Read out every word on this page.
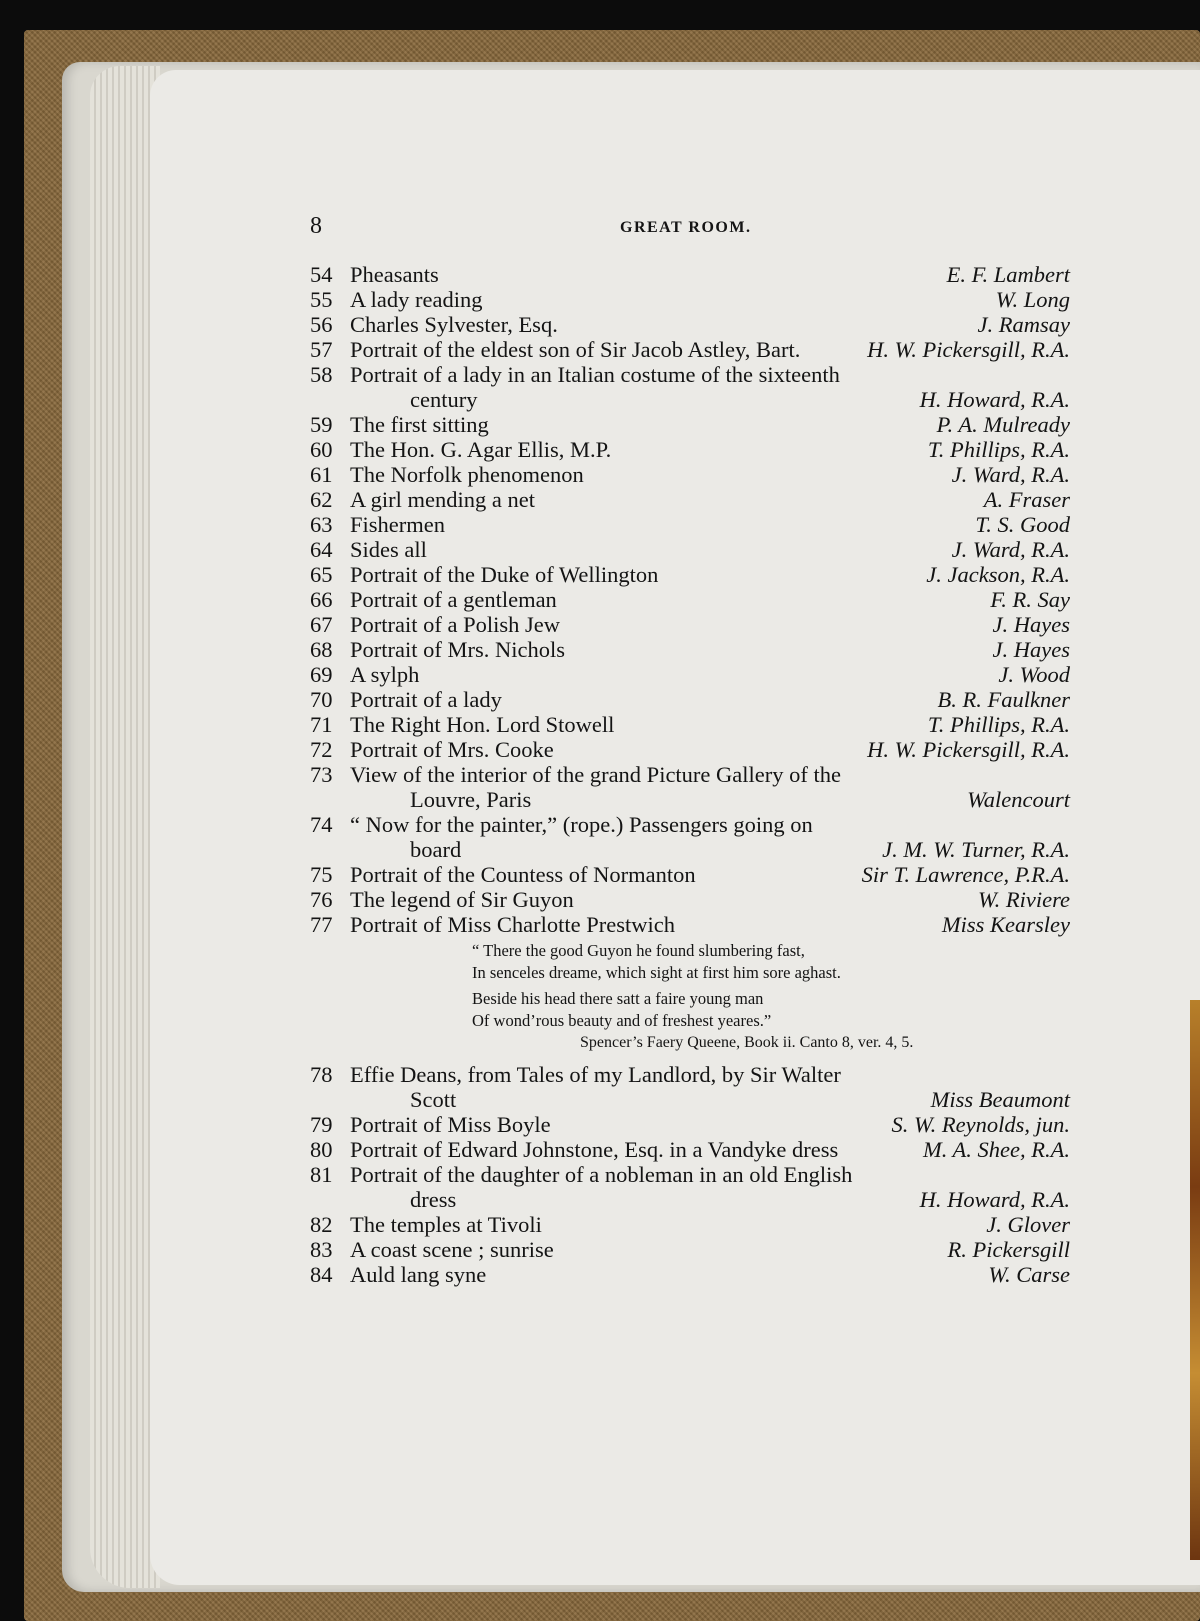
8	GREAT ROOM.
54 Pheasants	E. F. Lambert
55 A lady reading	W. Long
56 Charles Sylvester, Esq.	J. Ramsay
57 Portrait of the eldest son of Sir Jacob Astley, Bart.	H. W. Pickersgill, R.A.
58 Portrait of a lady in an Italian costume of the sixteenth
century	H. Howard, R.A.
59 The first sitting	P. A. Mulready
60 The Hon. G. Agar Ellis, M.P.	T. Phillips, R.A.
61 The Norfolk phenomenon	J. Ward, R.A.
62 A girl mending a net	A. Fraser
63 Fishermen	T. S. Good
64 Sides all	J. Ward, R.A.
65 Portrait of the Duke of Wellington	J. Jackson, R.A.
66 Portrait of a gentleman	F. R. Say
67 Portrait of a Polish Jew	J. Hayes
68 Portrait of Mrs. Nichols	J. Hayes
69 A sylph	J. Wood
70 Portrait of a lady	B. R. Faulkner
71 The Right Hon. Lord Stowell	T. Phillips, R.A.
72 Portrait of Mrs. Cooke	H. W. Pickersgill, R.A.
73 View of the interior of the grand Picture Gallery of the
Louvre, Paris	Walencourt
74 “ Now for the painter,” (rope.) Passengers going on
board	J. M. W. Turner, R.A.
75 Portrait of the Countess of Normanton	Sir T. Lawrence, P.R.A.
76 The legend of Sir Guyon	W. Riviere
77 Portrait of Miss Charlotte Prestwich	Miss Kearsley
78 Effie Deans, from Tales of my Landlord, by Sir Walter
Scott	Miss Beaumont
79 Portrait of Miss Boyle	S. W. Reynolds, jun.
80 Portrait of Edward Johnstone, Esq. in a Vandyke dress	M. A. Shee, R.A.
81 Portrait of the daughter of a nobleman in an old English
dress	H. Howard, R.A.
82 The temples at Tivoli	J. Glover
83 A coast scene ; sunrise	R. Pickersgill
84 Auld lang syne	W. Carse
“ There the good Guyon he found slumbering fast,
In senceles dreame, which sight at first him sore aghast.
Beside his head there satt a faire young man
Of wond’rous beauty and of freshest yeares.”
Spencer’s Faery Queene, Book ii. Canto 8, ver. 4, 5.
